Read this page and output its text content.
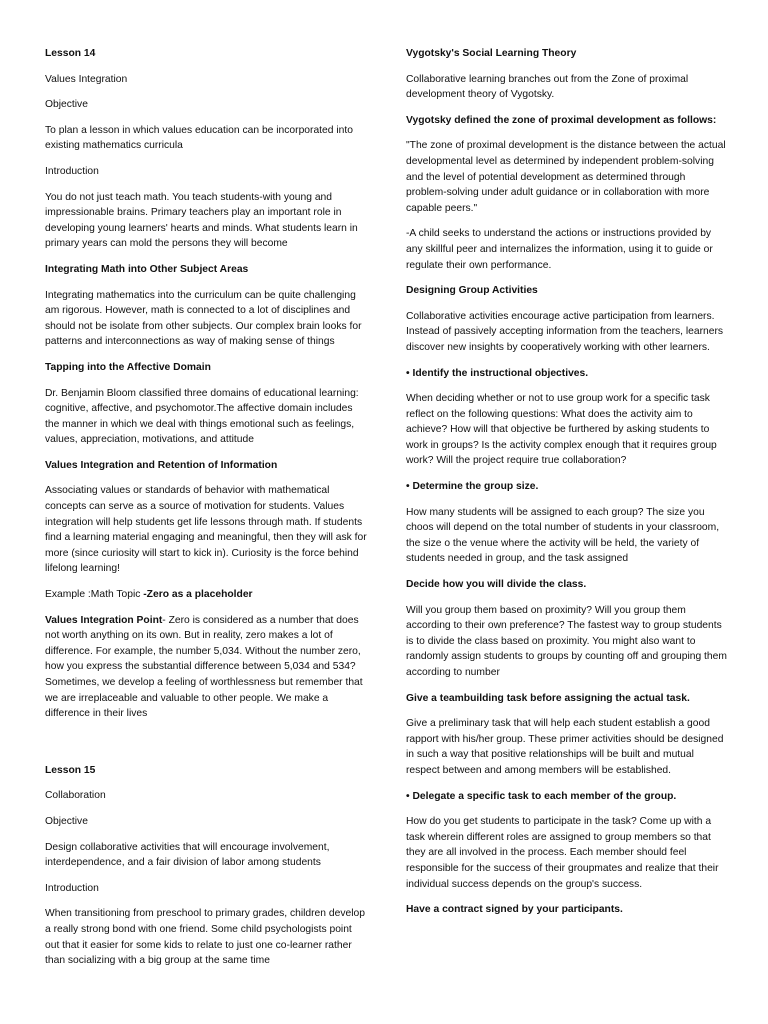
Lesson 14

Values Integration

Objective

To plan a lesson in which values education can be incorporated into existing mathematics curricula

Introduction

You do not just teach math. You teach students-with young and impressionable brains. Primary teachers play an important role in developing young learners' hearts and minds. What students learn in primary years can mold the persons they will become

Integrating Math into Other Subject Areas

Integrating mathematics into the curriculum can be quite challenging am rigorous. However, math is connected to a lot of disciplines and should not be isolate from other subjects. Our complex brain looks for patterns and interconnections as way of making sense of things

Tapping into the Affective Domain

Dr. Benjamin Bloom classified three domains of educational learning: cognitive, affective, and psychomotor.The affective domain includes the manner in which we deal with things emotional such as feelings, values, appreciation, motivations, and attitude

Values Integration and Retention of Information

Associating values or standards of behavior with mathematical concepts can serve as a source of motivation for students. Values integration will help students get life lessons through math. If students find a learning material engaging and meaningful, then they will ask for more (since curiosity will start to kick in). Curiosity is the force behind lifelong learning!

Example :Math Topic -Zero as a placeholder

Values Integration Point- Zero is considered as a number that does not worth anything on its own. But in reality, zero makes a lot of difference. For example, the number 5,034. Without the number zero, how you express the substantial difference between 5,034 and 534? Sometimes, we develop a feeling of worthlessness but remember that we are irreplaceable and valuable to other people. We make a difference in their lives

Lesson 15

Collaboration

Objective

Design collaborative activities that will encourage involvement, interdependence, and a fair division of labor among students

Introduction

When transitioning from preschool to primary grades, children develop a really strong bond with one friend. Some child psychologists point out that it easier for some kids to relate to just one co-learner rather than socializing with a big group at the same time

Vygotsky's Social Learning Theory

Collaborative learning branches out from the Zone of proximal development theory of Vygotsky.

Vygotsky defined the zone of proximal development as follows:

"The zone of proximal development is the distance between the actual developmental level as determined by independent problem-solving and the level of potential development as determined through problem-solving under adult guidance or in collaboration with more capable peers."

-A child seeks to understand the actions or instructions provided by any skillful peer and internalizes the information, using it to guide or regulate their own performance.

Designing Group Activities

Collaborative activities encourage active participation from learners. Instead of passively accepting information from the teachers, learners discover new insights by cooperatively working with other learners.

• Identify the instructional objectives.

When deciding whether or not to use group work for a specific task reflect on the following questions: What does the activity aim to achieve? How will that objective be furthered by asking students to work in groups? Is the activity complex enough that it requires group work? Will the project require true collaboration?

• Determine the group size.

How many students will be assigned to each group? The size you choos will depend on the total number of students in your classroom, the size o the venue where the activity will be held, the variety of students needed in group, and the task assigned

Decide how you will divide the class.

Will you group them based on proximity? Will you group them according to their own preference? The fastest way to group students is to divide the class based on proximity. You might also want to randomly assign students to groups by counting off and grouping them according to number

Give a teambuilding task before assigning the actual task.

Give a preliminary task that will help each student establish a good rapport with his/her group. These primer activities should be designed in such a way that positive relationships will be built and mutual respect between and among members will be established.

• Delegate a specific task to each member of the group.

How do you get students to participate in the task? Come up with a task wherein different roles are assigned to group members so that they are all involved in the process. Each member should feel responsible for the success of their groupmates and realize that their individual success depends on the group's success.

Have a contract signed by your participants.
